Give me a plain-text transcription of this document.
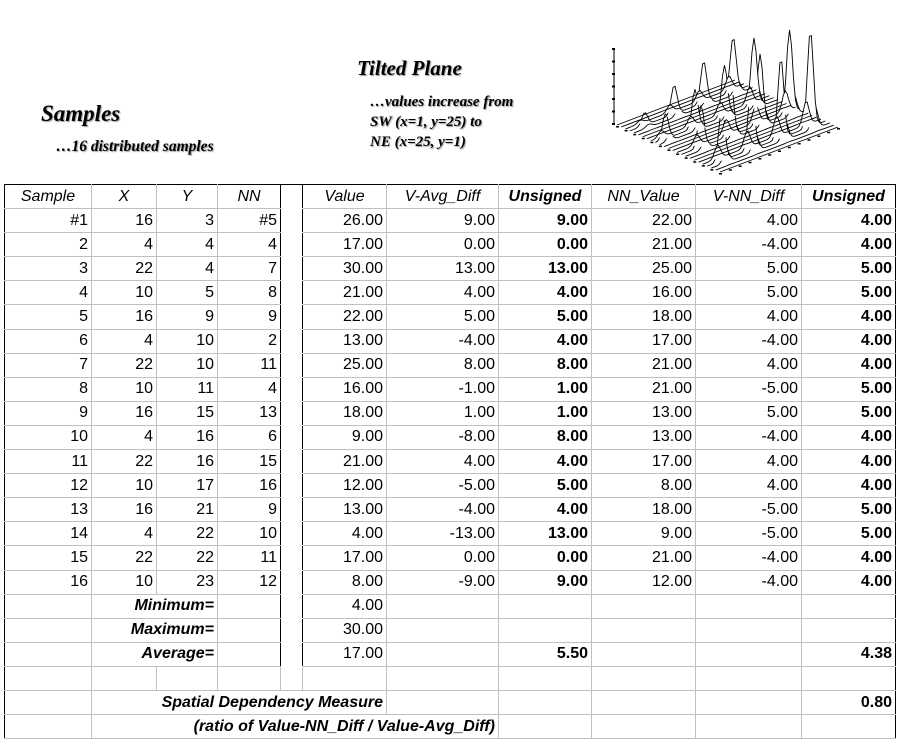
Samples
…16 distributed samples
Tilted Plane
…values increase from
SW (x=1, y=25) to
NE (x=25, y=1)
Sample	X	Y	NN		Value	V-Avg_Diff	Unsigned	NN_Value	V-NN_Diff	Unsigned
#1	16	3	#5		26.00	9.00	9.00	22.00	4.00	4.00
2	4	4	4		17.00	0.00	0.00	21.00	-4.00	4.00
3	22	4	7		30.00	13.00	13.00	25.00	5.00	5.00
4	10	5	8		21.00	4.00	4.00	16.00	5.00	5.00
5	16	9	9		22.00	5.00	5.00	18.00	4.00	4.00
6	4	10	2		13.00	-4.00	4.00	17.00	-4.00	4.00
7	22	10	11		25.00	8.00	8.00	21.00	4.00	4.00
8	10	11	4		16.00	-1.00	1.00	21.00	-5.00	5.00
9	16	15	13		18.00	1.00	1.00	13.00	5.00	5.00
10	4	16	6		9.00	-8.00	8.00	13.00	-4.00	4.00
11	22	16	15		21.00	4.00	4.00	17.00	4.00	4.00
12	10	17	16		12.00	-5.00	5.00	8.00	4.00	4.00
13	16	21	9		13.00	-4.00	4.00	18.00	-5.00	5.00
14	4	22	10		4.00	-13.00	13.00	9.00	-5.00	5.00
15	22	22	11		17.00	0.00	0.00	21.00	-4.00	4.00
16	10	23	12		8.00	-9.00	9.00	12.00	-4.00	4.00
	Minimum=				4.00					
	Maximum=				30.00					
	Average=				17.00		5.50			4.38

	Spatial Dependency Measure									0.80
	(ratio of Value-NN_Diff / Value-Avg_Diff)									
